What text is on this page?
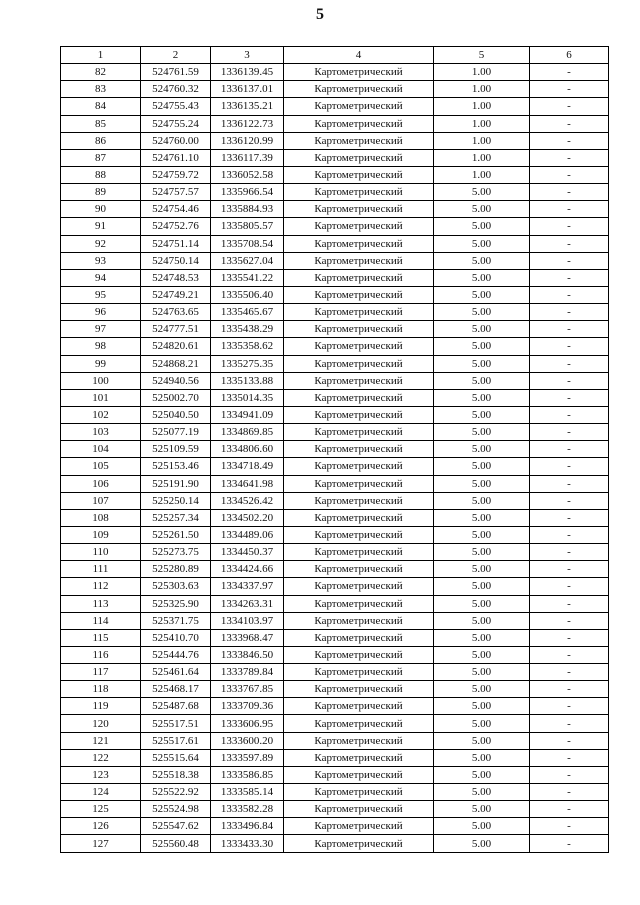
5
1	2	3	4	5	6
82	524761.59	1336139.45	Картометрический	1.00	-
83	524760.32	1336137.01	Картометрический	1.00	-
84	524755.43	1336135.21	Картометрический	1.00	-
85	524755.24	1336122.73	Картометрический	1.00	-
86	524760.00	1336120.99	Картометрический	1.00	-
87	524761.10	1336117.39	Картометрический	1.00	-
88	524759.72	1336052.58	Картометрический	1.00	-
89	524757.57	1335966.54	Картометрический	5.00	-
90	524754.46	1335884.93	Картометрический	5.00	-
91	524752.76	1335805.57	Картометрический	5.00	-
92	524751.14	1335708.54	Картометрический	5.00	-
93	524750.14	1335627.04	Картометрический	5.00	-
94	524748.53	1335541.22	Картометрический	5.00	-
95	524749.21	1335506.40	Картометрический	5.00	-
96	524763.65	1335465.67	Картометрический	5.00	-
97	524777.51	1335438.29	Картометрический	5.00	-
98	524820.61	1335358.62	Картометрический	5.00	-
99	524868.21	1335275.35	Картометрический	5.00	-
100	524940.56	1335133.88	Картометрический	5.00	-
101	525002.70	1335014.35	Картометрический	5.00	-
102	525040.50	1334941.09	Картометрический	5.00	-
103	525077.19	1334869.85	Картометрический	5.00	-
104	525109.59	1334806.60	Картометрический	5.00	-
105	525153.46	1334718.49	Картометрический	5.00	-
106	525191.90	1334641.98	Картометрический	5.00	-
107	525250.14	1334526.42	Картометрический	5.00	-
108	525257.34	1334502.20	Картометрический	5.00	-
109	525261.50	1334489.06	Картометрический	5.00	-
110	525273.75	1334450.37	Картометрический	5.00	-
111	525280.89	1334424.66	Картометрический	5.00	-
112	525303.63	1334337.97	Картометрический	5.00	-
113	525325.90	1334263.31	Картометрический	5.00	-
114	525371.75	1334103.97	Картометрический	5.00	-
115	525410.70	1333968.47	Картометрический	5.00	-
116	525444.76	1333846.50	Картометрический	5.00	-
117	525461.64	1333789.84	Картометрический	5.00	-
118	525468.17	1333767.85	Картометрический	5.00	-
119	525487.68	1333709.36	Картометрический	5.00	-
120	525517.51	1333606.95	Картометрический	5.00	-
121	525517.61	1333600.20	Картометрический	5.00	-
122	525515.64	1333597.89	Картометрический	5.00	-
123	525518.38	1333586.85	Картометрический	5.00	-
124	525522.92	1333585.14	Картометрический	5.00	-
125	525524.98	1333582.28	Картометрический	5.00	-
126	525547.62	1333496.84	Картометрический	5.00	-
127	525560.48	1333433.30	Картометрический	5.00	-
